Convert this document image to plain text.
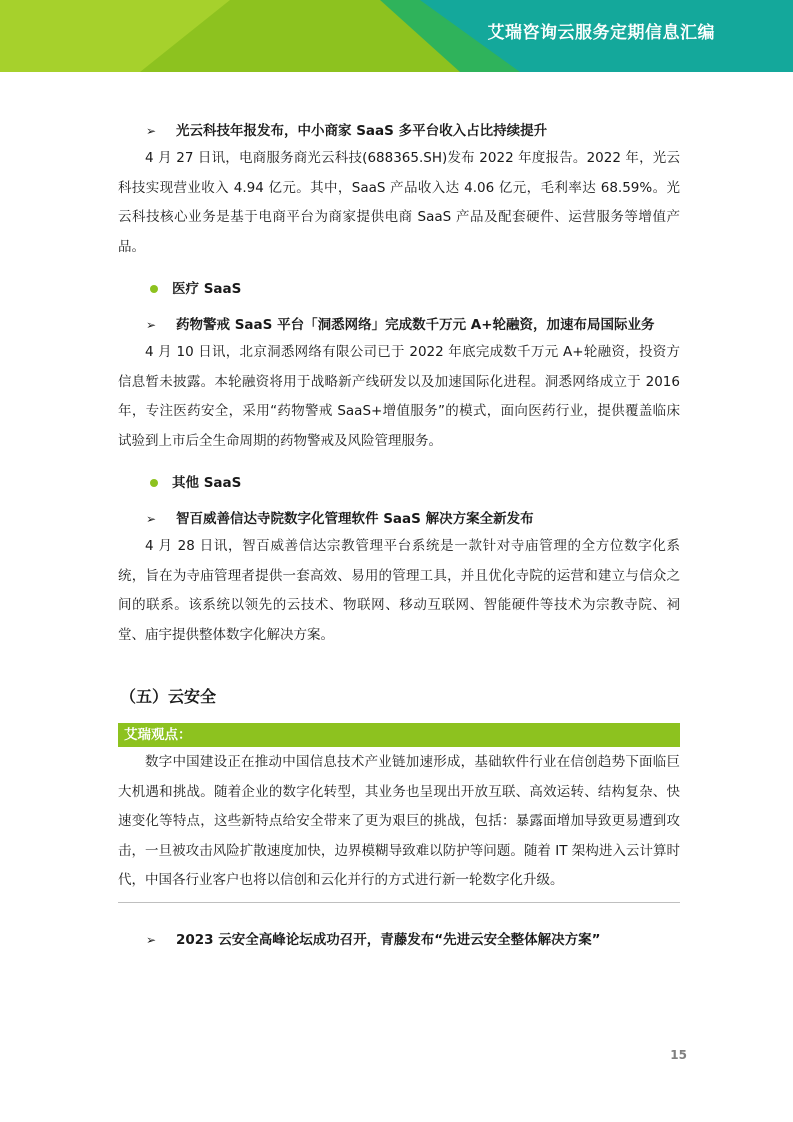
艾瑞咨询云服务定期信息汇编
➢	光云科技年报发布，中小商家 SaaS 多平台收入占比持续提升

4 月 27 日讯，电商服务商光云科技(688365.SH)发布 2022 年度报告。2022 年，光云科技实现营业收入 4.94 亿元。其中，SaaS 产品收入达 4.06 亿元，毛利率达 68.59%。光云科技核心业务是基于电商平台为商家提供电商 SaaS 产品及配套硬件、运营服务等增值产品。

医疗 SaaS
➢	药物警戒 SaaS 平台「洞悉网络」完成数千万元 A+轮融资，加速布局国际业务

4 月 10 日讯，北京洞悉网络有限公司已于 2022 年底完成数千万元 A+轮融资，投资方信息暂未披露。本轮融资将用于战略新产线研发以及加速国际化进程。洞悉网络成立于 2016 年，专注医药安全，采用“药物警戒 SaaS+增值服务”的模式，面向医药行业，提供覆盖临床试验到上市后全生命周期的药物警戒及风险管理服务。

其他 SaaS
➢	智百威善信达寺院数字化管理软件 SaaS 解决方案全新发布

4 月 28 日讯，智百威善信达宗教管理平台系统是一款针对寺庙管理的全方位数字化系统，旨在为寺庙管理者提供一套高效、易用的管理工具，并且优化寺院的运营和建立与信众之间的联系。该系统以领先的云技术、物联网、移动互联网、智能硬件等技术为宗教寺院、祠堂、庙宇提供整体数字化解决方案。

（五）云安全
艾瑞观点：
数字中国建设正在推动中国信息技术产业链加速形成，基础软件行业在信创趋势下面临巨大机遇和挑战。随着企业的数字化转型，其业务也呈现出开放互联、高效运转、结构复杂、快速变化等特点，这些新特点给安全带来了更为艰巨的挑战，包括：暴露面增加导致更易遭到攻击，一旦被攻击风险扩散速度加快，边界模糊导致难以防护等问题。随着 IT 架构进入云计算时代，中国各行业客户也将以信创和云化并行的方式进行新一轮数字化升级。
➢	2023 云安全高峰论坛成功召开，青藤发布“先进云安全整体解决方案”
15
